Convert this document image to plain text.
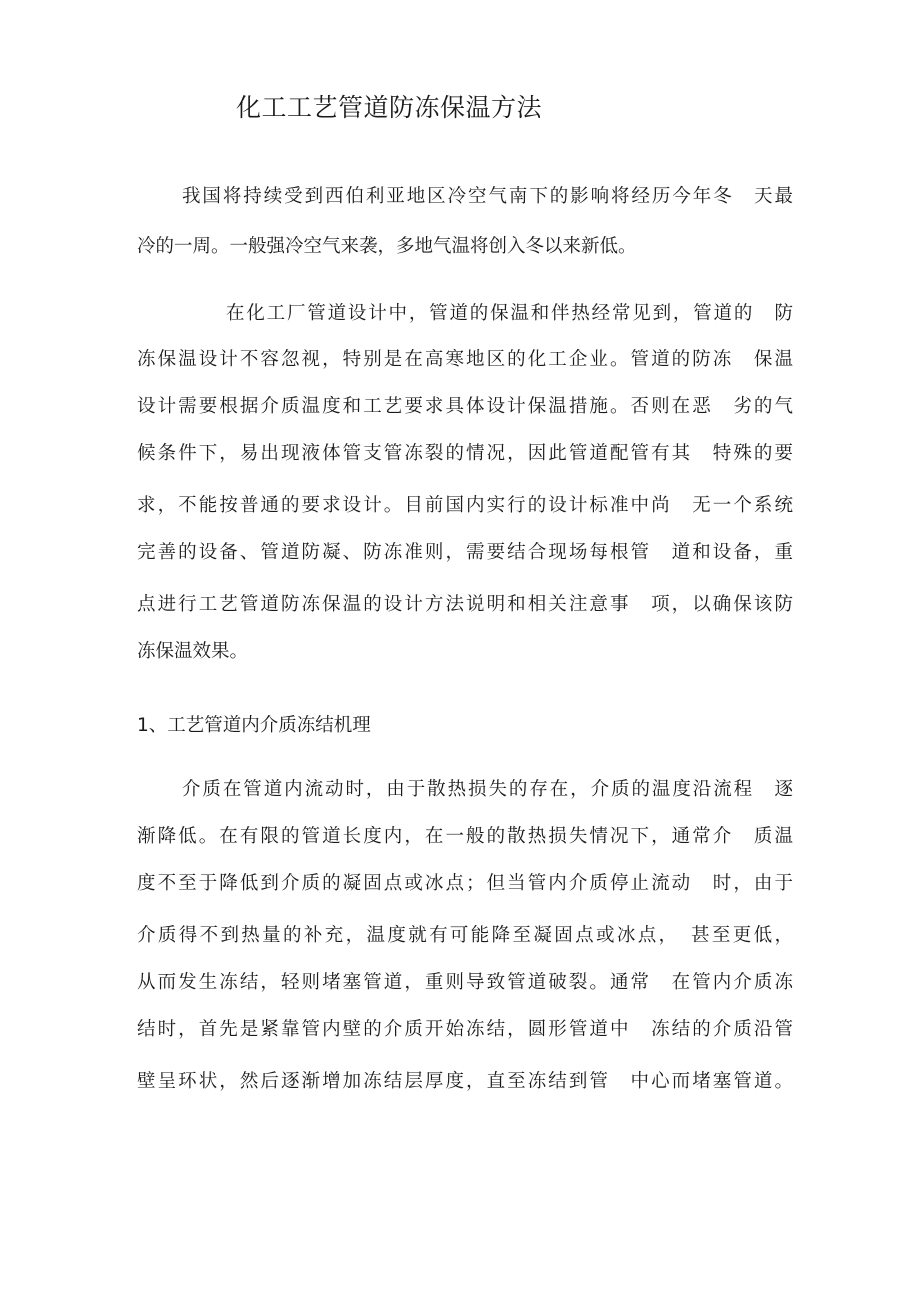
化工工艺管道防冻保温方法

我国将持续受到西伯利亚地区冷空气南下的影响将经历今年冬　天最

冷的一周。一般强冷空气来袭，多地气温将创入冬以来新低。

在化工厂管道设计中，管道的保温和伴热经常见到，管道的　防

冻保温设计不容忽视，特别是在高寒地区的化工企业。管道的防冻　保温

设计需要根据介质温度和工艺要求具体设计保温措施。否则在恶　劣的气

候条件下，易出现液体管支管冻裂的情况，因此管道配管有其　特殊的要

求，不能按普通的要求设计。目前国内实行的设计标准中尚　无一个系统

完善的设备、管道防凝、防冻准则，需要结合现场每根管　道和设备，重

点进行工艺管道防冻保温的设计方法说明和相关注意事　项，以确保该防

冻保温效果。

1、工艺管道内介质冻结机理

介质在管道内流动时，由于散热损失的存在，介质的温度沿流程　逐

渐降低。在有限的管道长度内，在一般的散热损失情况下，通常介　质温

度不至于降低到介质的凝固点或冰点；但当管内介质停止流动　时，由于

介质得不到热量的补充，温度就有可能降至凝固点或冰点，　甚至更低，

从而发生冻结，轻则堵塞管道，重则导致管道破裂。通常　在管内介质冻

结时，首先是紧靠管内壁的介质开始冻结，圆形管道中　冻结的介质沿管

壁呈环状，然后逐渐增加冻结层厚度，直至冻结到管　中心而堵塞管道。
